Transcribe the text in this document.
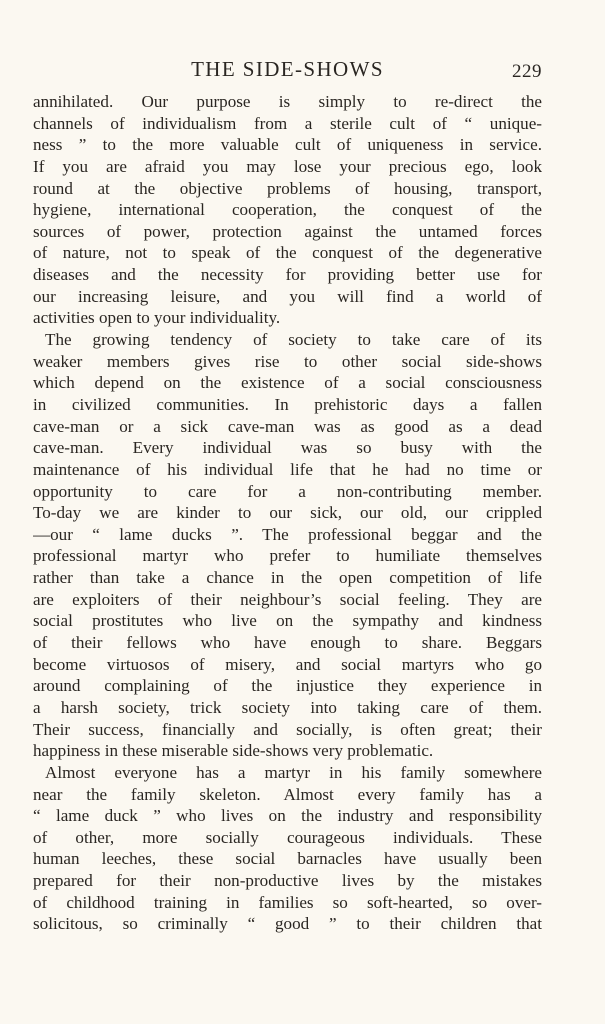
THE SIDE-SHOWS	229
annihilated. Our purpose is simply to re-direct the
channels of individualism from a sterile cult of “ unique-
ness ” to the more valuable cult of uniqueness in service.
If you are afraid you may lose your precious ego, look
round at the objective problems of housing, transport,
hygiene, international cooperation, the conquest of the
sources of power, protection against the untamed forces
of nature, not to speak of the conquest of the degenerative
diseases and the necessity for providing better use for
our increasing leisure, and you will find a world of
activities open to your individuality.
The growing tendency of society to take care of its
weaker members gives rise to other social side-shows
which depend on the existence of a social consciousness
in civilized communities. In prehistoric days a fallen
cave-man or a sick cave-man was as good as a dead
cave-man. Every individual was so busy with the
maintenance of his individual life that he had no time or
opportunity to care for a non-contributing member.
To-day we are kinder to our sick, our old, our crippled
—our “ lame ducks ”. The professional beggar and the
professional martyr who prefer to humiliate themselves
rather than take a chance in the open competition of life
are exploiters of their neighbour’s social feeling. They are
social prostitutes who live on the sympathy and kindness
of their fellows who have enough to share. Beggars
become virtuosos of misery, and social martyrs who go
around complaining of the injustice they experience in
a harsh society, trick society into taking care of them.
Their success, financially and socially, is often great; their
happiness in these miserable side-shows very problematic.
Almost everyone has a martyr in his family somewhere
near the family skeleton. Almost every family has a
“ lame duck ” who lives on the industry and responsibility
of other, more socially courageous individuals. These
human leeches, these social barnacles have usually been
prepared for their non-productive lives by the mistakes
of childhood training in families so soft-hearted, so over-
solicitous, so criminally “ good ” to their children that
